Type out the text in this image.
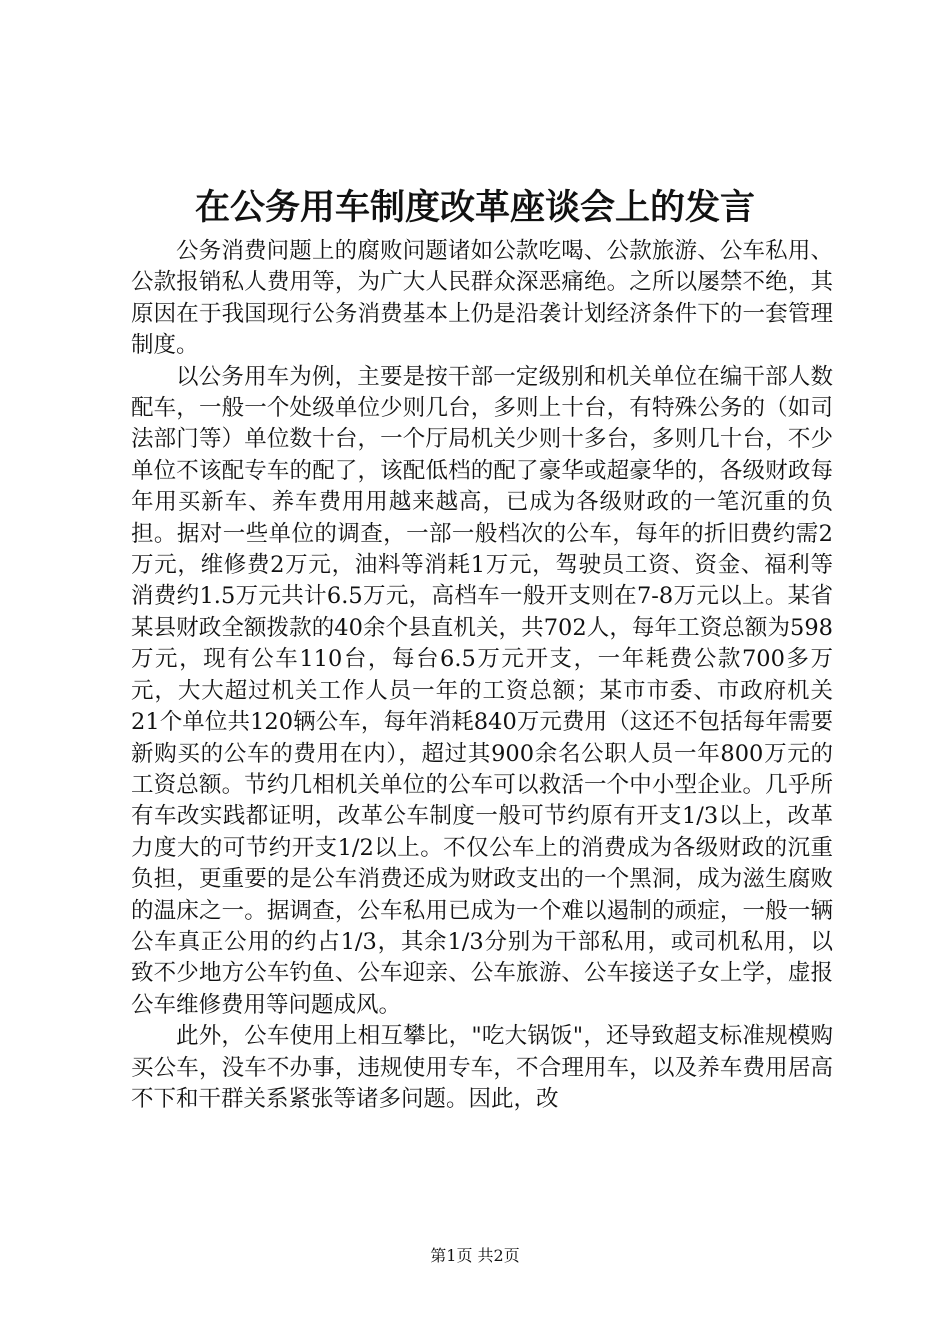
在公务用车制度改革座谈会上的发言

公务消费问题上的腐败问题诸如公款吃喝、公款旅游、公车私用、公款报销私人费用等，为广大人民群众深恶痛绝。之所以屡禁不绝，其原因在于我国现行公务消费基本上仍是沿袭计划经济条件下的一套管理制度。

以公务用车为例，主要是按干部一定级别和机关单位在编干部人数配车，一般一个处级单位少则几台，多则上十台，有特殊公务的（如司法部门等）单位数十台，一个厅局机关少则十多台，多则几十台，不少单位不该配专车的配了，该配低档的配了豪华或超豪华的，各级财政每年用买新车、养车费用用越来越高，已成为各级财政的一笔沉重的负担。据对一些单位的调查，一部一般档次的公车，每年的折旧费约需2万元，维修费2万元，油料等消耗1万元，驾驶员工资、资金、福利等消费约1.5万元共计6.5万元，高档车一般开支则在7-8万元以上。某省某县财政全额拨款的40余个县直机关，共702人，每年工资总额为598万元，现有公车110台，每台6.5万元开支，一年耗费公款700多万元，大大超过机关工作人员一年的工资总额；某市市委、市政府机关21个单位共120辆公车，每年消耗840万元费用（这还不包括每年需要新购买的公车的费用在内），超过其900余名公职人员一年800万元的工资总额。节约几相机关单位的公车可以救活一个中小型企业。几乎所有车改实践都证明，改革公车制度一般可节约原有开支1/3以上，改革力度大的可节约开支1/2以上。不仅公车上的消费成为各级财政的沉重负担，更重要的是公车消费还成为财政支出的一个黑洞，成为滋生腐败的温床之一。据调查，公车私用已成为一个难以遏制的顽症，一般一辆公车真正公用的约占1/3，其余1/3分别为干部私用，或司机私用，以致不少地方公车钓鱼、公车迎亲、公车旅游、公车接送子女上学，虚报公车维修费用等问题成风。

此外，公车使用上相互攀比，"吃大锅饭"，还导致超支标准规模购买公车，没车不办事，违规使用专车，不合理用车，以及养车费用居高不下和干群关系紧张等诸多问题。因此，改

第1页 共2页
